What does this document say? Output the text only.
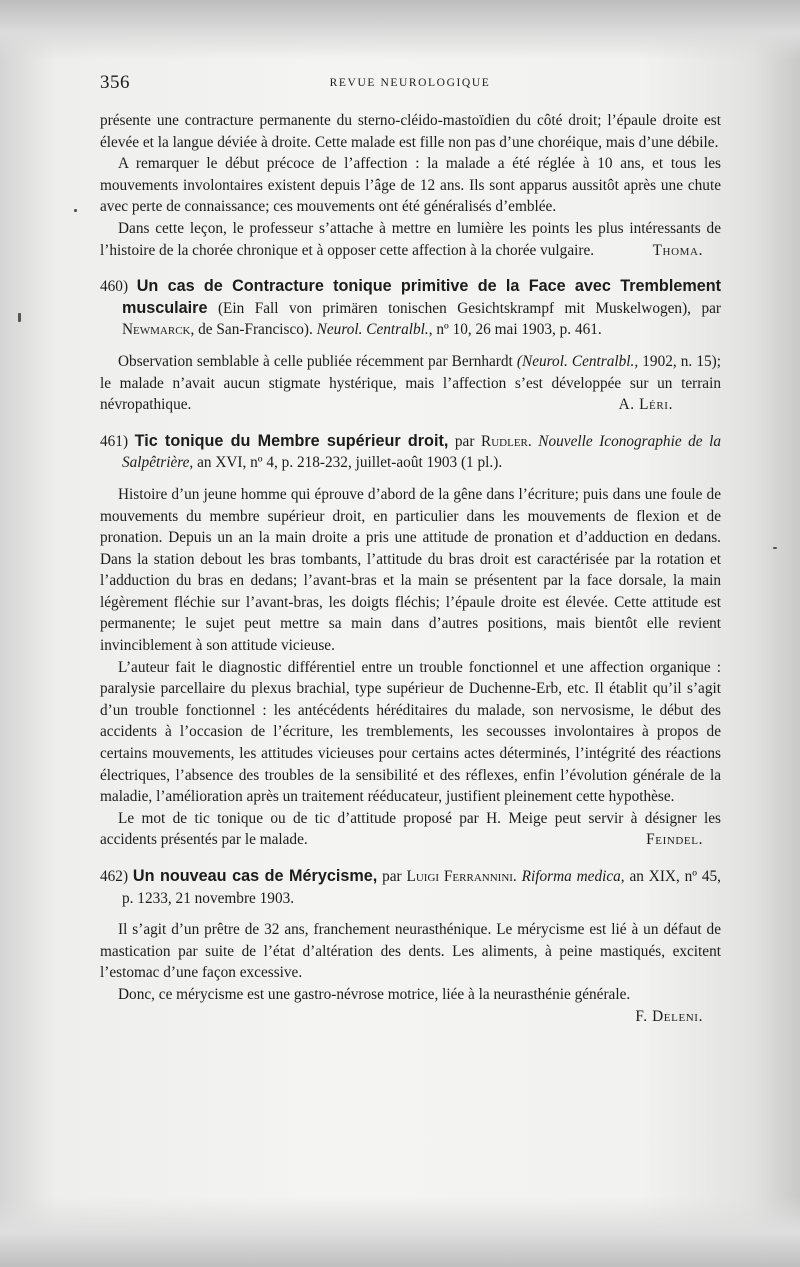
356	REVUE NEUROLOGIQUE

présente une contracture permanente du sterno-cléido-mastoïdien du côté droit; l’épaule droite est élevée et la langue déviée à droite. Cette malade est fille non pas d’une choréique, mais d’une débile.

A remarquer le début précoce de l’affection : la malade a été réglée à 10 ans, et tous les mouvements involontaires existent depuis l’âge de 12 ans. Ils sont apparus aussitôt après une chute avec perte de connaissance; ces mouvements ont été généralisés d’emblée.

Dans cette leçon, le professeur s’attache à mettre en lumière les points les plus intéressants de l’histoire de la chorée chronique et à opposer cette affection à la chorée vulgaire.	Thoma.

460) Un cas de Contracture tonique primitive de la Face avec Tremblement musculaire (Ein Fall von primären tonischen Gesichtskrampf mit Muskelwogen), par Newmarck, de San-Francisco). Neurol. Centralbl., nº 10, 26 mai 1903, p. 461.

Observation semblable à celle publiée récemment par Bernhardt (Neurol. Centralbl., 1902, n. 15); le malade n’avait aucun stigmate hystérique, mais l’affection s’est développée sur un terrain névropathique.	A. Léri.

461) Tic tonique du Membre supérieur droit, par Rudler. Nouvelle Iconographie de la Salpêtrière, an XVI, nº 4, p. 218-232, juillet-août 1903 (1 pl.).

Histoire d’un jeune homme qui éprouve d’abord de la gêne dans l’écriture; puis dans une foule de mouvements du membre supérieur droit, en particulier dans les mouvements de flexion et de pronation. Depuis un an la main droite a pris une attitude de pronation et d’adduction en dedans. Dans la station debout les bras tombants, l’attitude du bras droit est caractérisée par la rotation et l’adduction du bras en dedans; l’avant-bras et la main se présentent par la face dorsale, la main légèrement fléchie sur l’avant-bras, les doigts fléchis; l’épaule droite est élevée. Cette attitude est permanente; le sujet peut mettre sa main dans d’autres positions, mais bientôt elle revient invinciblement à son attitude vicieuse.

L’auteur fait le diagnostic différentiel entre un trouble fonctionnel et une affection organique : paralysie parcellaire du plexus brachial, type supérieur de Duchenne-Erb, etc. Il établit qu’il s’agit d’un trouble fonctionnel : les antécédents héréditaires du malade, son nervosisme, le début des accidents à l’occasion de l’écriture, les tremblements, les secousses involontaires à propos de certains mouvements, les attitudes vicieuses pour certains actes déterminés, l’intégrité des réactions électriques, l’absence des troubles de la sensibilité et des réflexes, enfin l’évolution générale de la maladie, l’amélioration après un traitement rééducateur, justifient pleinement cette hypothèse.

Le mot de tic tonique ou de tic d’attitude proposé par H. Meige peut servir à désigner les accidents présentés par le malade.	Feindel.

462) Un nouveau cas de Mérycisme, par Luigi Ferrannini. Riforma medica, an XIX, nº 45, p. 1233, 21 novembre 1903.

Il s’agit d’un prêtre de 32 ans, franchement neurasthénique. Le mérycisme est lié à un défaut de mastication par suite de l’état d’altération des dents. Les aliments, à peine mastiqués, excitent l’estomac d’une façon excessive.

Donc, ce mérycisme est une gastro-névrose motrice, liée à la neurasthénie générale.
F. Deleni.
